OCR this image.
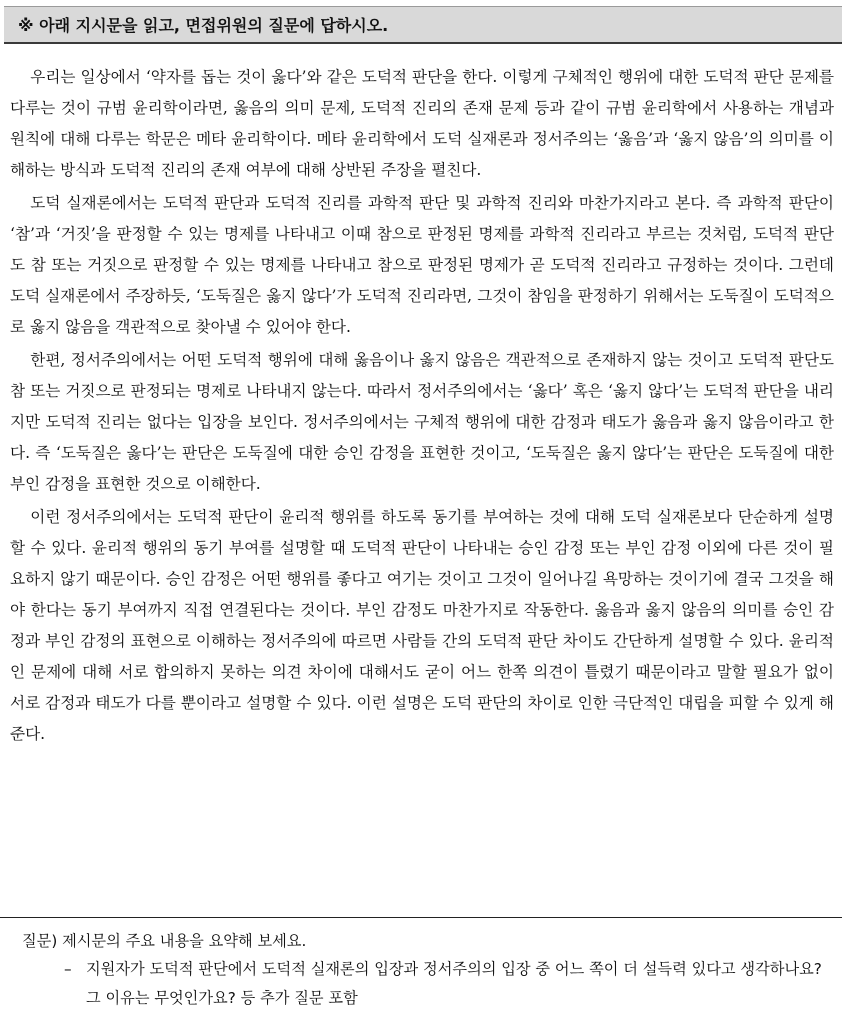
※ 아래 지시문을 읽고, 면접위원의 질문에 답하시오.

우리는 일상에서 ‘약자를 돕는 것이 옳다’와 같은 도덕적 판단을 한다. 이렇게 구체적인 행위에 대한 도덕적 판단 문제를 다루는 것이 규범 윤리학이라면, 옳음의 의미 문제, 도덕적 진리의 존재 문제 등과 같이 규범 윤리학에서 사용하는 개념과 원칙에 대해 다루는 학문은 메타 윤리학이다. 메타 윤리학에서 도덕 실재론과 정서주의는 ‘옳음’과 ‘옳지 않음’의 의미를 이해하는 방식과 도덕적 진리의 존재 여부에 대해 상반된 주장을 펼친다.

도덕 실재론에서는 도덕적 판단과 도덕적 진리를 과학적 판단 및 과학적 진리와 마찬가지라고 본다. 즉 과학적 판단이 ‘참’과 ‘거짓’을 판정할 수 있는 명제를 나타내고 이때 참으로 판정된 명제를 과학적 진리라고 부르는 것처럼, 도덕적 판단도 참 또는 거짓으로 판정할 수 있는 명제를 나타내고 참으로 판정된 명제가 곧 도덕적 진리라고 규정하는 것이다. 그런데 도덕 실재론에서 주장하듯, ‘도둑질은 옳지 않다’가 도덕적 진리라면, 그것이 참임을 판정하기 위해서는 도둑질이 도덕적으로 옳지 않음을 객관적으로 찾아낼 수 있어야 한다.

한편, 정서주의에서는 어떤 도덕적 행위에 대해 옳음이나 옳지 않음은 객관적으로 존재하지 않는 것이고 도덕적 판단도 참 또는 거짓으로 판정되는 명제로 나타내지 않는다. 따라서 정서주의에서는 ‘옳다’ 혹은 ‘옳지 않다’는 도덕적 판단을 내리지만 도덕적 진리는 없다는 입장을 보인다. 정서주의에서는 구체적 행위에 대한 감정과 태도가 옳음과 옳지 않음이라고 한다. 즉 ‘도둑질은 옳다’는 판단은 도둑질에 대한 승인 감정을 표현한 것이고, ‘도둑질은 옳지 않다’는 판단은 도둑질에 대한 부인 감정을 표현한 것으로 이해한다.

이런 정서주의에서는 도덕적 판단이 윤리적 행위를 하도록 동기를 부여하는 것에 대해 도덕 실재론보다 단순하게 설명할 수 있다. 윤리적 행위의 동기 부여를 설명할 때 도덕적 판단이 나타내는 승인 감정 또는 부인 감정 이외에 다른 것이 필요하지 않기 때문이다. 승인 감정은 어떤 행위를 좋다고 여기는 것이고 그것이 일어나길 욕망하는 것이기에 결국 그것을 해야 한다는 동기 부여까지 직접 연결된다는 것이다. 부인 감정도 마찬가지로 작동한다. 옳음과 옳지 않음의 의미를 승인 감정과 부인 감정의 표현으로 이해하는 정서주의에 따르면 사람들 간의 도덕적 판단 차이도 간단하게 설명할 수 있다. 윤리적인 문제에 대해 서로 합의하지 못하는 의견 차이에 대해서도 굳이 어느 한쪽 의견이 틀렸기 때문이라고 말할 필요가 없이 서로 감정과 태도가 다를 뿐이라고 설명할 수 있다. 이런 설명은 도덕 판단의 차이로 인한 극단적인 대립을 피할 수 있게 해준다.

질문) 제시문의 주요 내용을 요약해 보세요.
– 지원자가 도덕적 판단에서 도덕적 실재론의 입장과 정서주의의 입장 중 어느 쪽이 더 설득력 있다고 생각하나요? 그 이유는 무엇인가요? 등 추가 질문 포함
